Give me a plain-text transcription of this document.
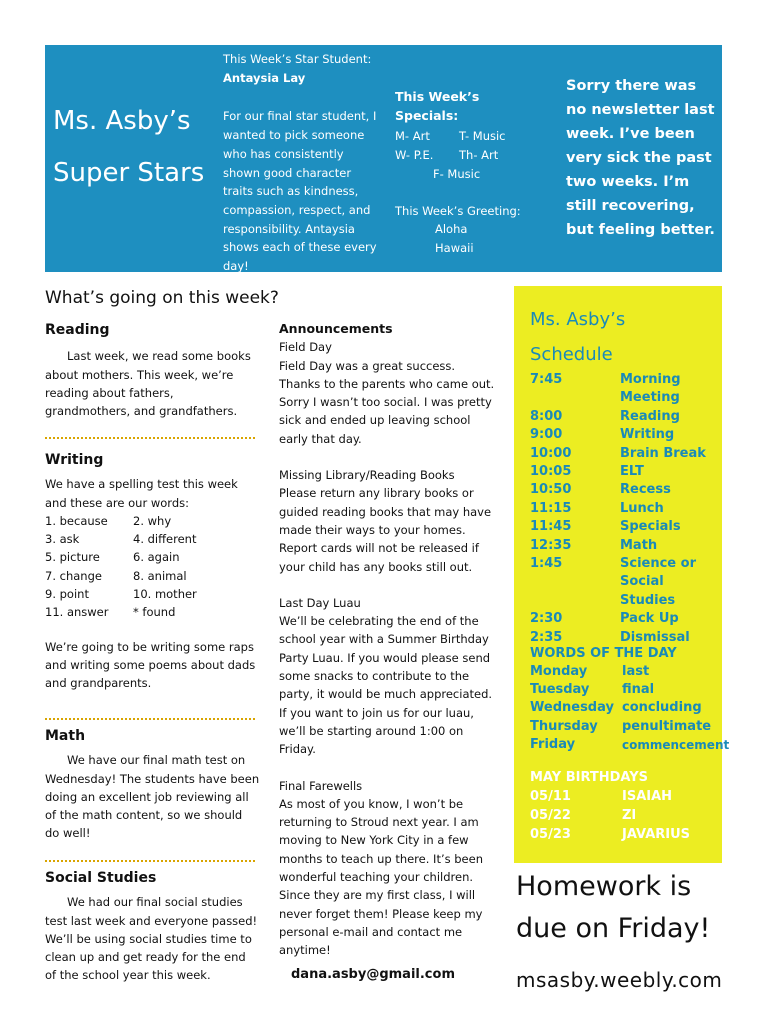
Ms. Asby’s
Super Stars
This Week’s Star Student:
Antaysia Lay
For our final star student, I wanted to pick someone who has consistently shown good character traits such as kindness, compassion, respect, and responsibility. Antaysia shows each of these every day!
This Week’s Specials:
M- Art	T- Music
W- P.E.	Th- Art
F- Music
This Week’s Greeting:
Aloha
Hawaii
Sorry there was no newsletter last week. I’ve been very sick the past two weeks. I’m still recovering, but feeling better.
What’s going on this week?
Reading

Last week, we read some books about mothers. This week, we’re reading about fathers, grandmothers, and grandfathers.

Writing

We have a spelling test this week and these are our words:

1. because	2. why
3. ask	4. different
5. picture	6. again
7. change	8. animal
9. point	10. mother
11. answer	* found

We’re going to be writing some raps and writing some poems about dads and grandparents.

Math

We have our final math test on Wednesday! The students have been doing an excellent job reviewing all of the math content, so we should do well!

Social Studies

We had our final social studies test last week and everyone passed! We’ll be using social studies time to clean up and get ready for the end of the school year this week.

Announcements
Field Day
Field Day was a great success. Thanks to the parents who came out. Sorry I wasn’t too social. I was pretty sick and ended up leaving school early that day.
Missing Library/Reading Books
Please return any library books or guided reading books that may have made their ways to your homes. Report cards will not be released if your child has any books still out.
Last Day Luau
We’ll be celebrating the end of the school year with a Summer Birthday Party Luau. If you would please send some snacks to contribute to the party, it would be much appreciated. If you want to join us for our luau, we’ll be starting around 1:00 on Friday.
Final Farewells
As most of you know, I won’t be returning to Stroud next year. I am moving to New York City in a few months to teach up there. It’s been wonderful teaching your children. Since they are my first class, I will never forget them! Please keep my personal e-mail and contact me anytime!
dana.asby@gmail.com
Ms. Asby’s
Schedule
7:45	Morning Meeting
8:00	Reading
9:00	Writing
10:00	Brain Break
10:05	ELT
10:50	Recess
11:15	Lunch
11:45	Specials
12:35	Math
1:45	Science or Social Studies
2:30	Pack Up
2:35	Dismissal
WORDS OF THE DAY
Monday	last
Tuesday	final
Wednesday concluding
Thursday	penultimate
Friday	commencement
MAY BIRTHDAYS
05/11	ISAIAH
05/22	ZI
05/23	JAVARIUS
Homework is due on Friday!
msasby.weebly.com
